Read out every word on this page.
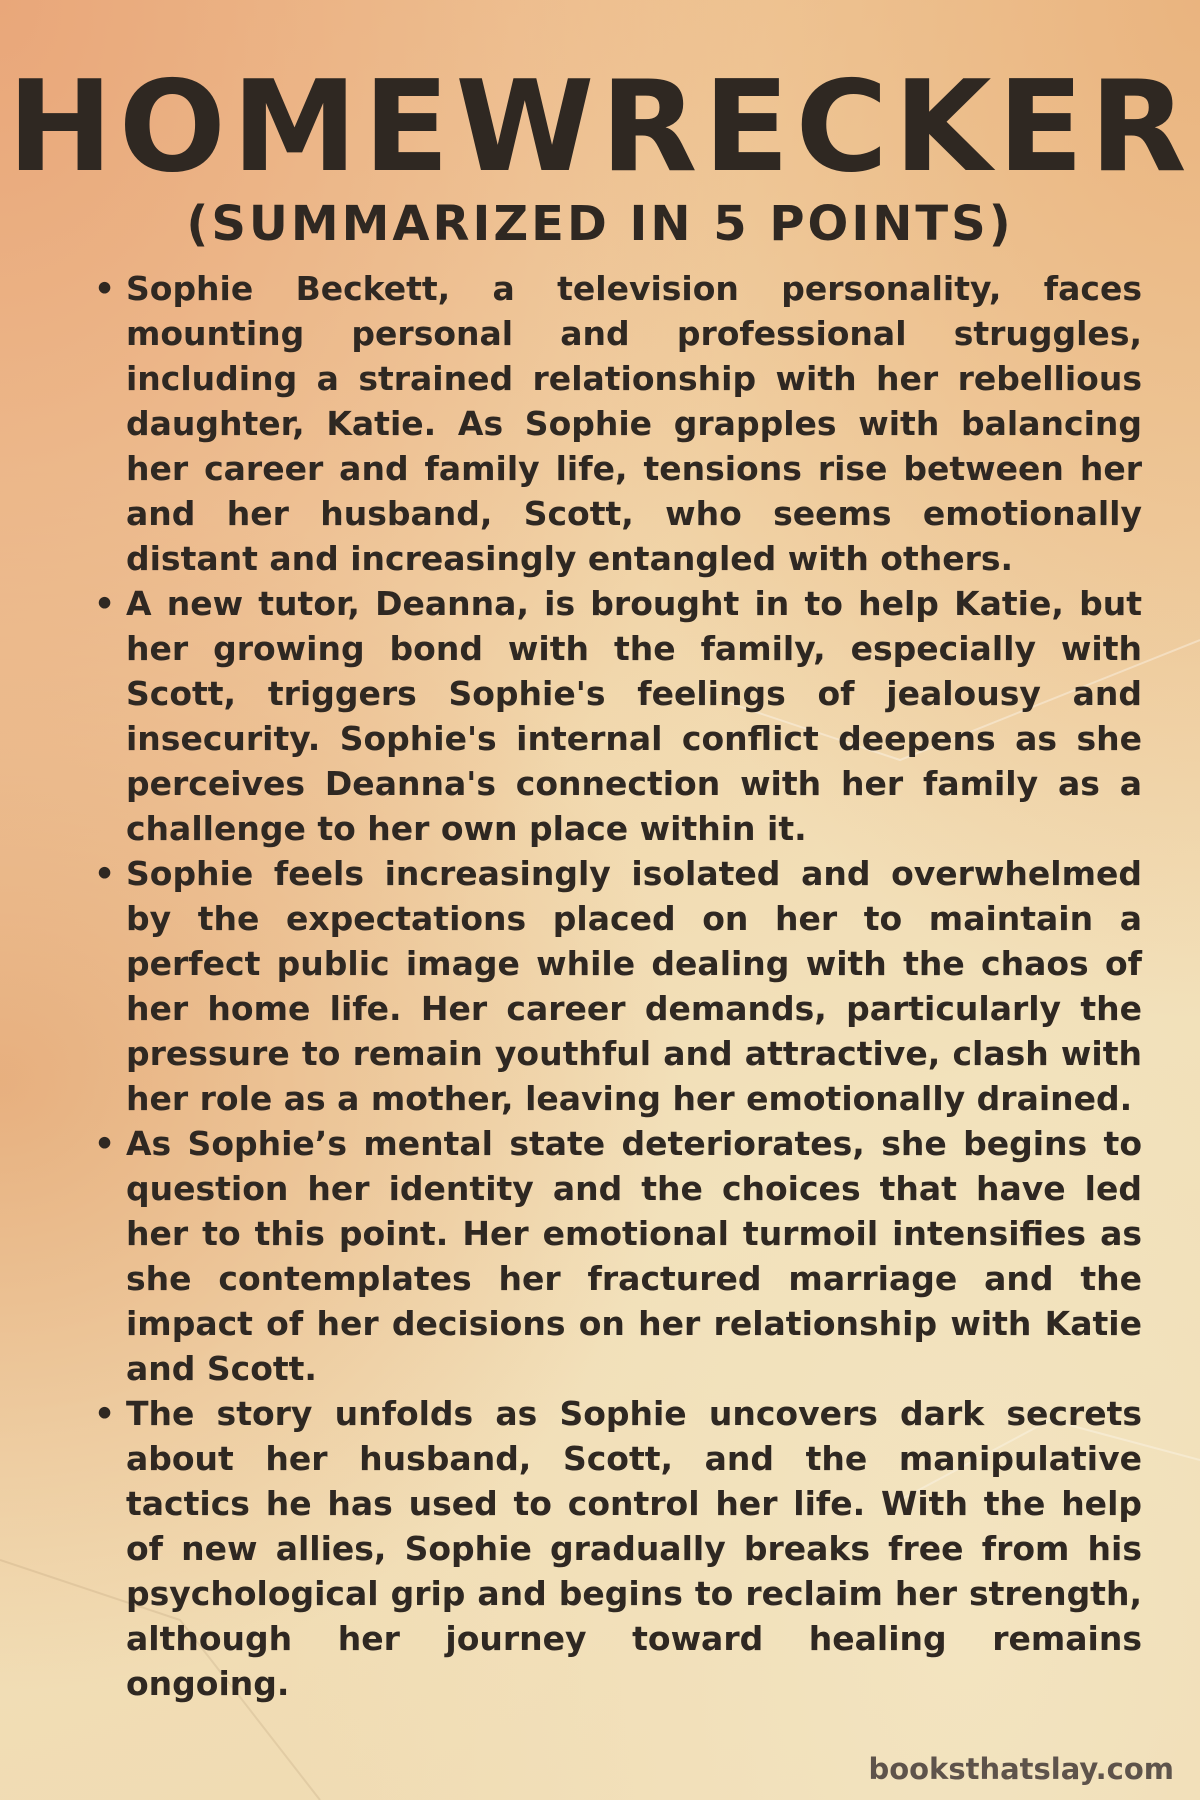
HOMEWRECKER
(SUMMARIZED IN 5 POINTS)
• Sophie Beckett, a television personality, faces mounting personal and professional struggles, including a strained relationship with her rebellious daughter, Katie. As Sophie grapples with balancing her career and family life, tensions rise between her and her husband, Scott, who seems emotionally distant and increasingly entangled with others.
• A new tutor, Deanna, is brought in to help Katie, but her growing bond with the family, especially with Scott, triggers Sophie's feelings of jealousy and insecurity. Sophie's internal conflict deepens as she perceives Deanna's connection with her family as a challenge to her own place within it.
• Sophie feels increasingly isolated and overwhelmed by the expectations placed on her to maintain a perfect public image while dealing with the chaos of her home life. Her career demands, particularly the pressure to remain youthful and attractive, clash with her role as a mother, leaving her emotionally drained.
• As Sophie’s mental state deteriorates, she begins to question her identity and the choices that have led her to this point. Her emotional turmoil intensifies as she contemplates her fractured marriage and the impact of her decisions on her relationship with Katie and Scott.
• The story unfolds as Sophie uncovers dark secrets about her husband, Scott, and the manipulative tactics he has used to control her life. With the help of new allies, Sophie gradually breaks free from his psychological grip and begins to reclaim her strength, although her journey toward healing remains ongoing.
booksthatslay.com
